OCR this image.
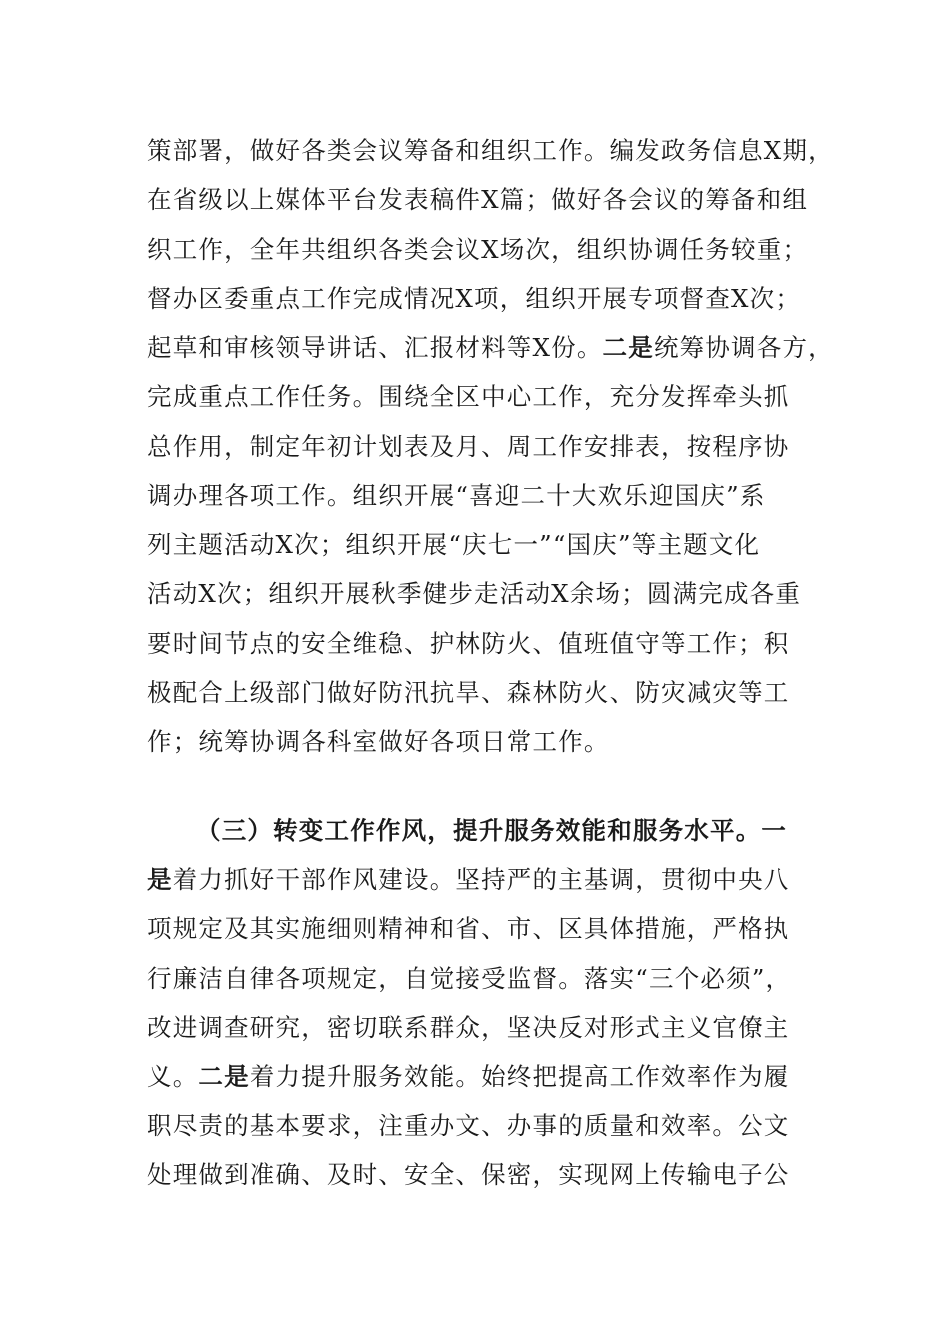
策部署，做好各类会议筹备和组织工作。编发政务信息X期，
在省级以上媒体平台发表稿件X篇；做好各会议的筹备和组
织工作，全年共组织各类会议X场次，组织协调任务较重；
督办区委重点工作完成情况X项，组织开展专项督查X次；
起草和审核领导讲话、汇报材料等X份。二是统筹协调各方，
完成重点工作任务。围绕全区中心工作，充分发挥牵头抓
总作用，制定年初计划表及月、周工作安排表，按程序协
调办理各项工作。组织开展“喜迎二十大欢乐迎国庆”系
列主题活动X次；组织开展“庆七一”“国庆”等主题文化
活动X次；组织开展秋季健步走活动X余场；圆满完成各重
要时间节点的安全维稳、护林防火、值班值守等工作；积
极配合上级部门做好防汛抗旱、森林防火、防灾减灾等工
作；统筹协调各科室做好各项日常工作。
（三）转变工作作风，提升服务效能和服务水平。一
是着力抓好干部作风建设。坚持严的主基调，贯彻中央八
项规定及其实施细则精神和省、市、区具体措施，严格执
行廉洁自律各项规定，自觉接受监督。落实“三个必须”，
改进调查研究，密切联系群众，坚决反对形式主义官僚主
义。二是着力提升服务效能。始终把提高工作效率作为履
职尽责的基本要求，注重办文、办事的质量和效率。公文
处理做到准确、及时、安全、保密，实现网上传输电子公
